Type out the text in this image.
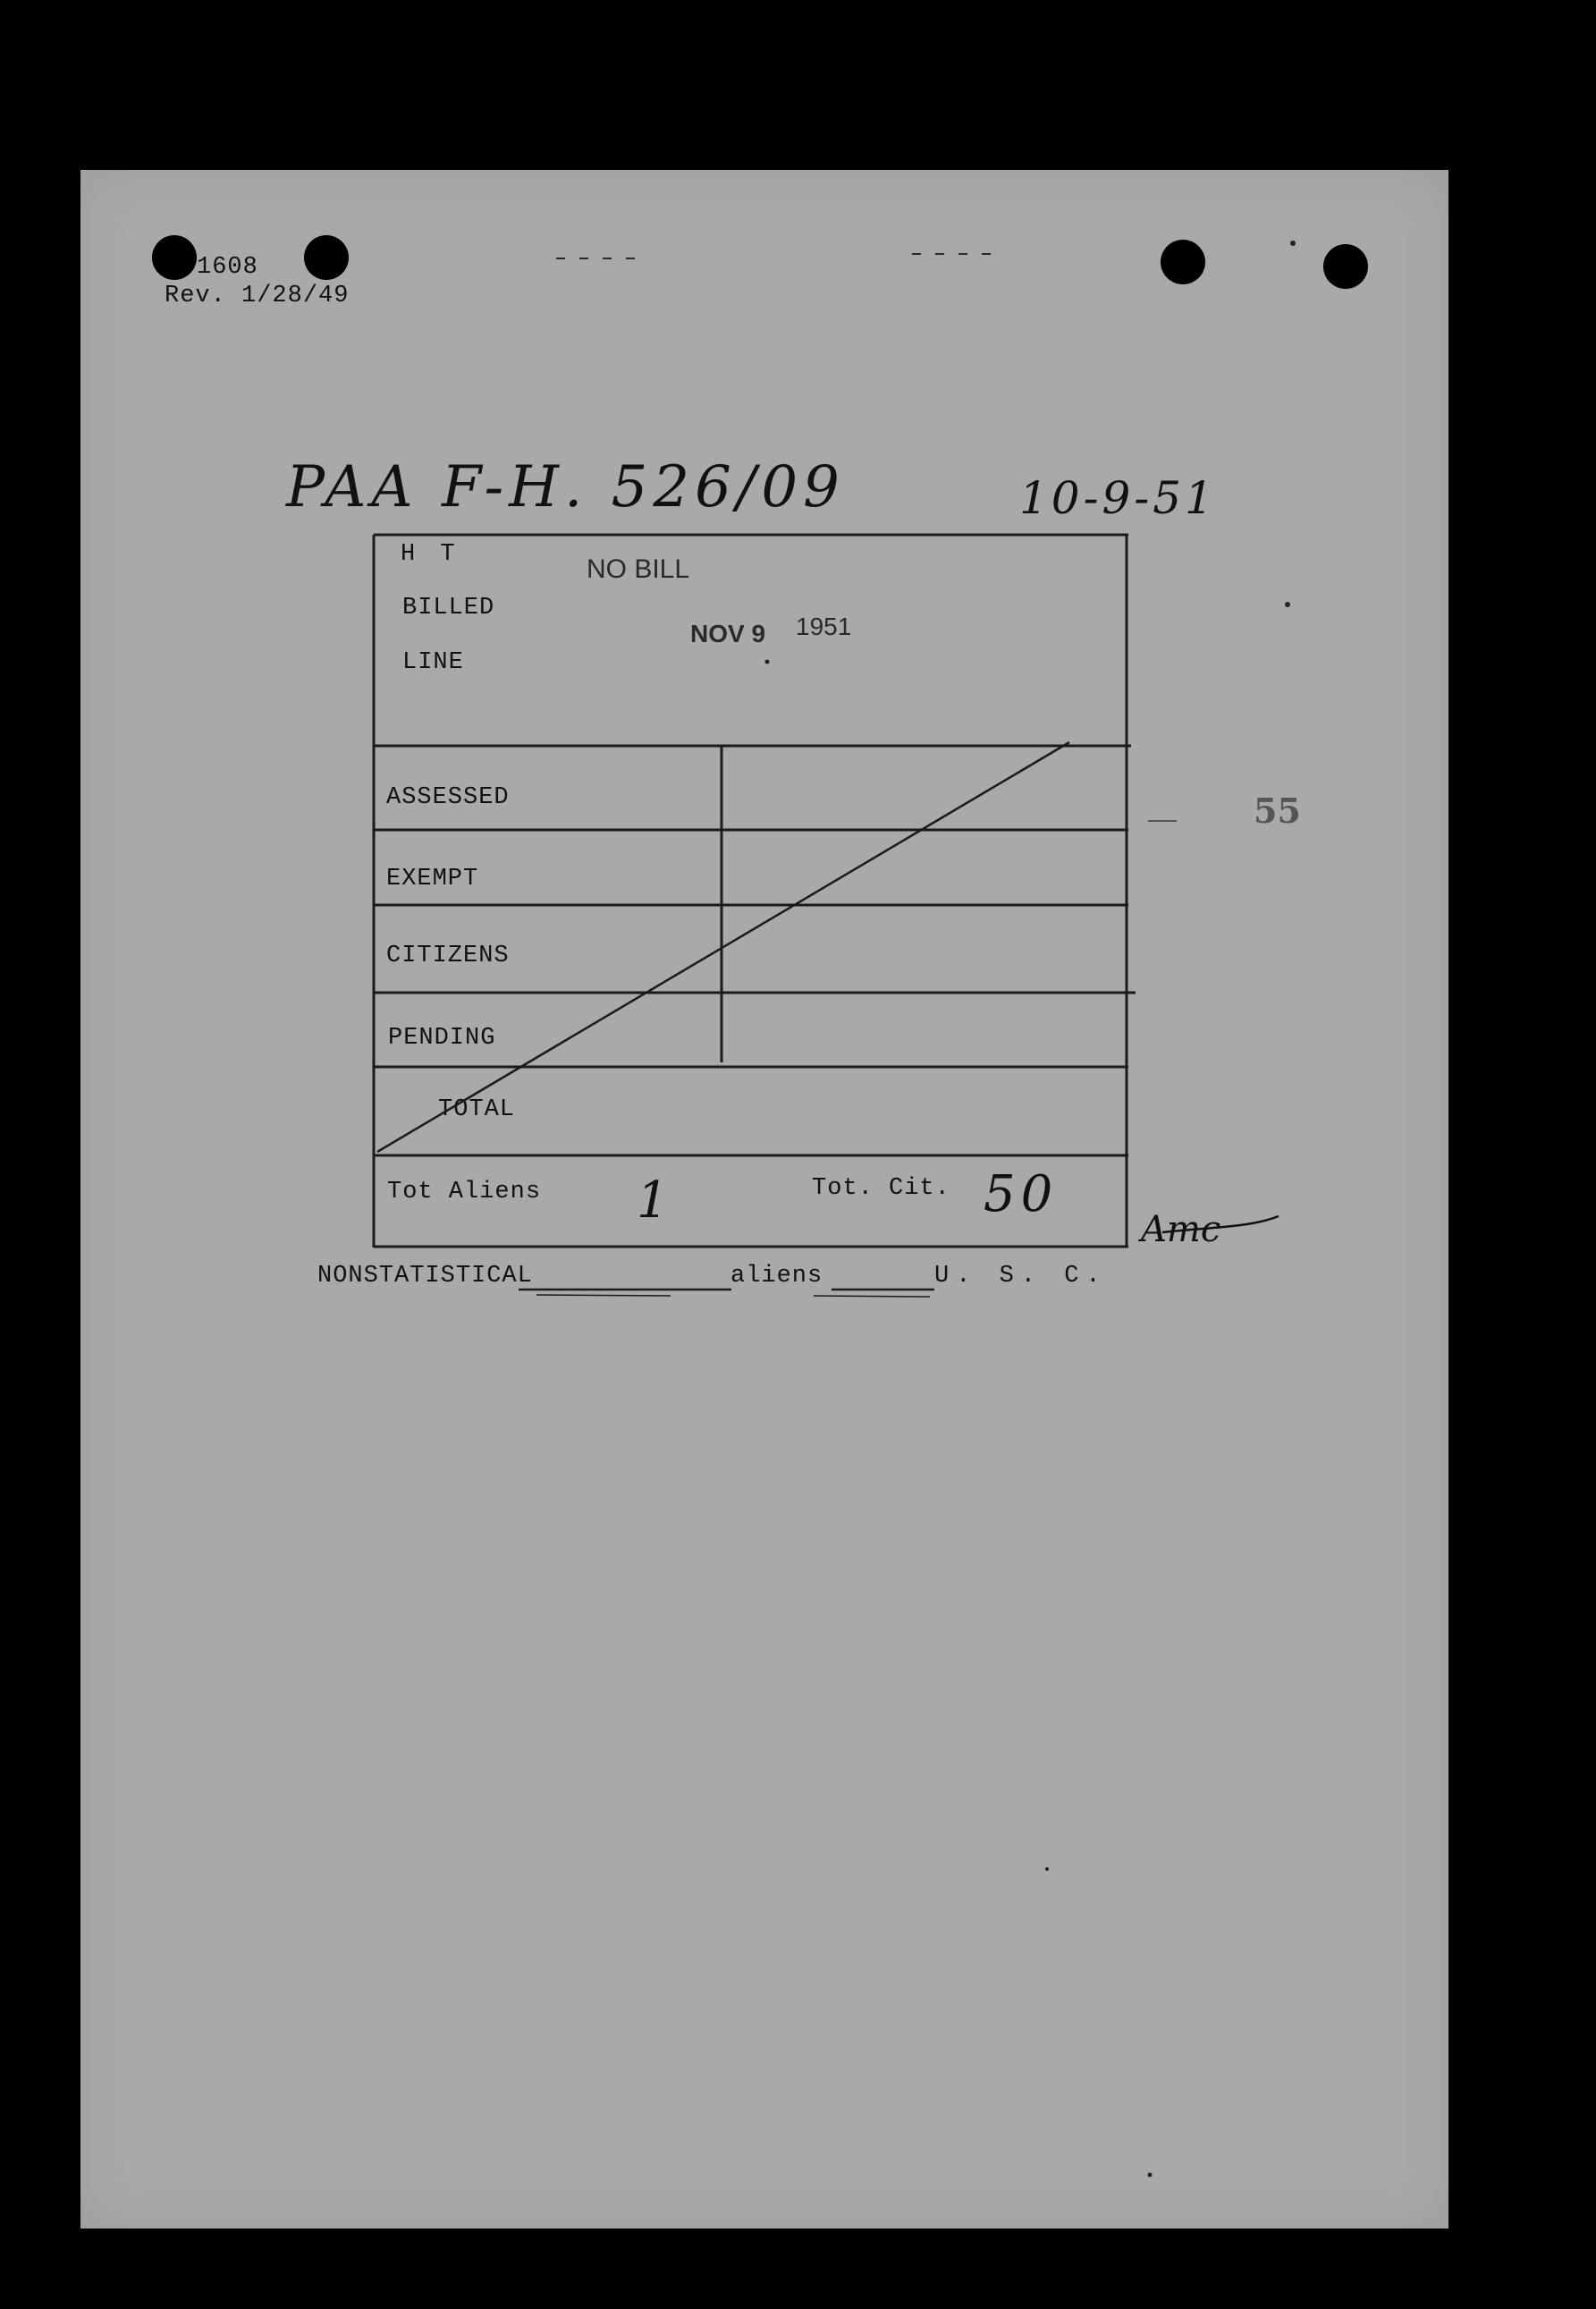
1608
Rev. 1/28/49
PAA F-H. 526/09	10-9-51
H T
BILLED
LINE
NO BILL
NOV 9 1951
55
ASSESSED
EXEMPT
CITIZENS
PENDING
TOTAL
Tot Aliens 1	Tot. Cit. 50
Amc
NONSTATISTICAL	aliens	U. S. C.
